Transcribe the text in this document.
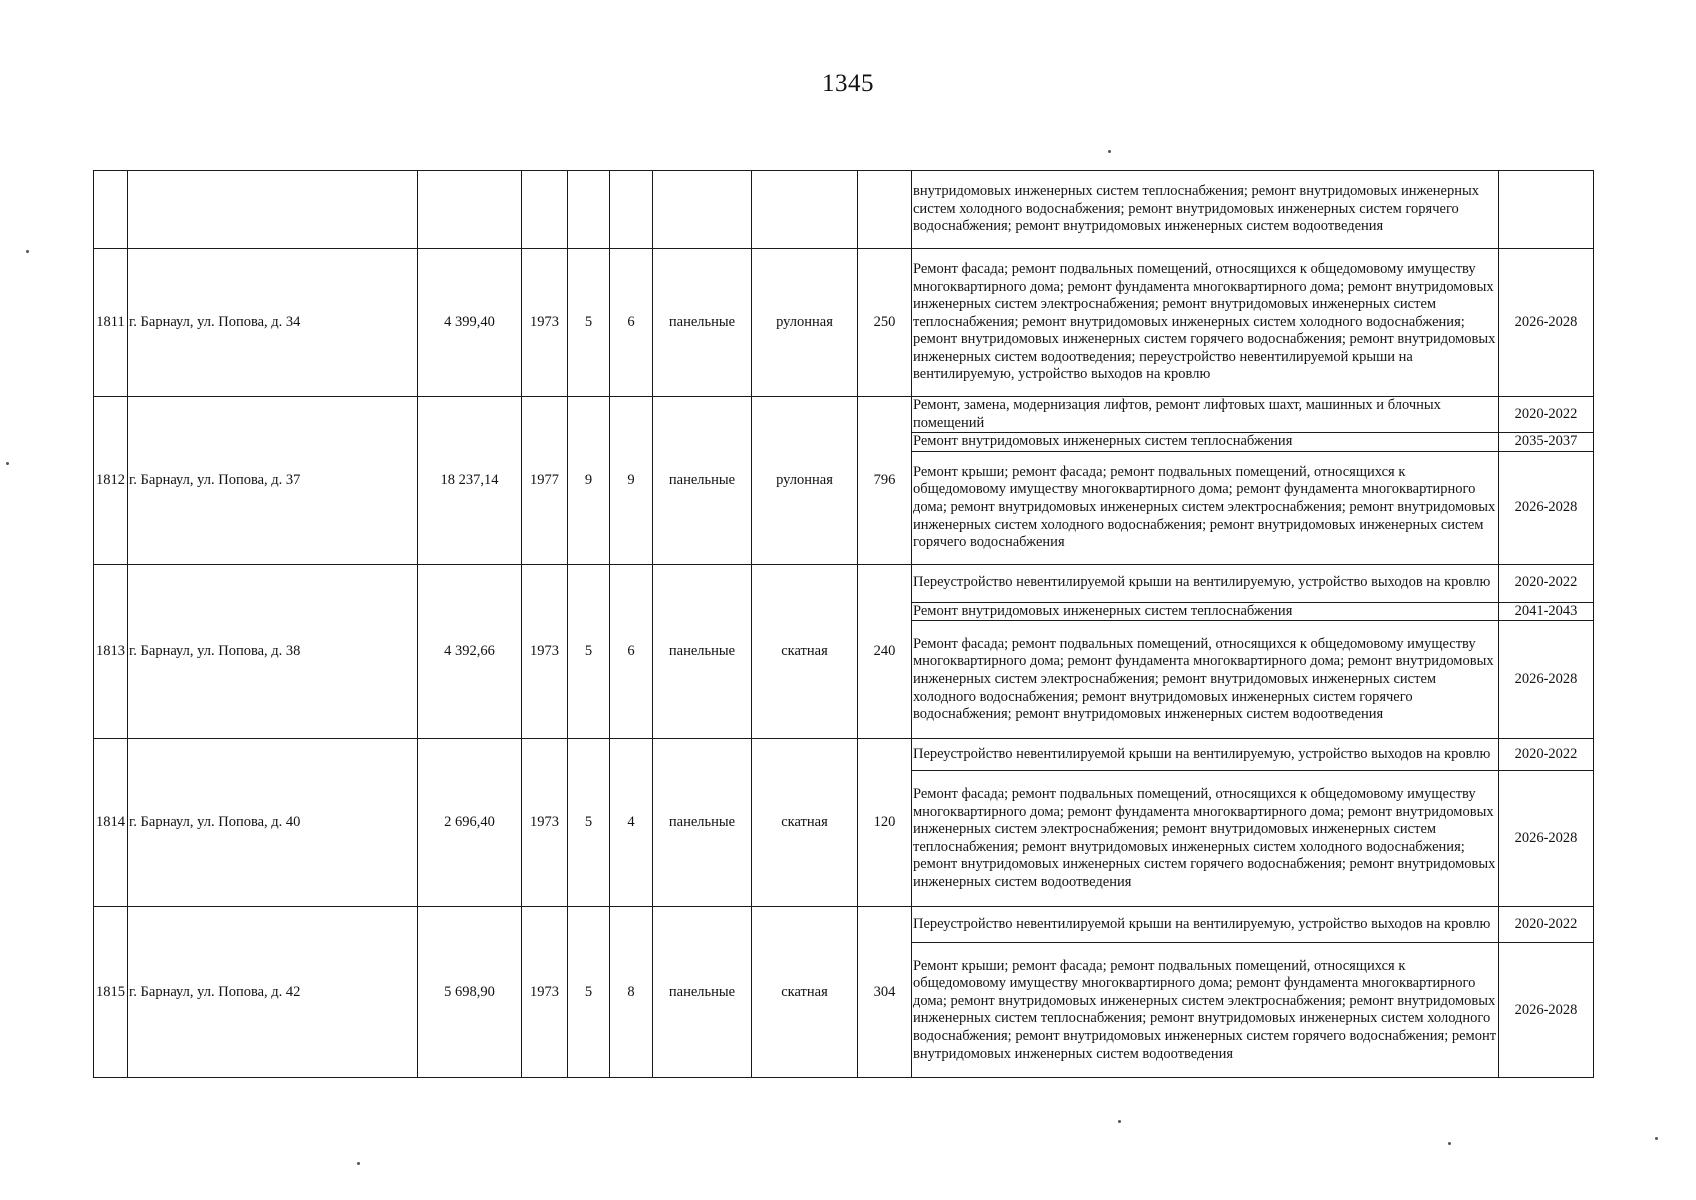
1345
									внутридомовых инженерных систем теплоснабжения; ремонт внутридомовых инженерных систем холодного водоснабжения; ремонт внутридомовых инженерных систем горячего водоснабжения; ремонт внутридомовых инженерных систем водоотведения	
1811	г. Барнаул, ул. Попова, д. 34	4 399,40	1973	5	6	панельные	рулонная	250	Ремонт фасада; ремонт подвальных помещений, относящихся к общедомовому имуществу многоквартирного дома; ремонт фундамента многоквартирного дома; ремонт внутридомовых инженерных систем электроснабжения; ремонт внутридомовых инженерных систем теплоснабжения; ремонт внутридомовых инженерных систем холодного водоснабжения; ремонт внутридомовых инженерных систем горячего водоснабжения; ремонт внутридомовых инженерных систем водоотведения; переустройство невентилируемой крыши на вентилируемую, устройство выходов на кровлю	2026-2028
1812	г. Барнаул, ул. Попова, д. 37	18 237,14	1977	9	9	панельные	рулонная	796	Ремонт, замена, модернизация лифтов, ремонт лифтовых шахт, машинных и блочных помещений	2020-2022
									Ремонт внутридомовых инженерных систем теплоснабжения	2035-2037
									Ремонт крыши; ремонт фасада; ремонт подвальных помещений, относящихся к общедомовому имуществу многоквартирного дома; ремонт фундамента многоквартирного дома; ремонт внутридомовых инженерных систем электроснабжения; ремонт внутридомовых инженерных систем холодного водоснабжения; ремонт внутридомовых инженерных систем горячего водоснабжения	2026-2028
1813	г. Барнаул, ул. Попова, д. 38	4 392,66	1973	5	6	панельные	скатная	240	Переустройство невентилируемой крыши на вентилируемую, устройство выходов на кровлю	2020-2022
									Ремонт внутридомовых инженерных систем теплоснабжения	2041-2043
									Ремонт фасада; ремонт подвальных помещений, относящихся к общедомовому имуществу многоквартирного дома; ремонт фундамента многоквартирного дома; ремонт внутридомовых инженерных систем электроснабжения; ремонт внутридомовых инженерных систем холодного водоснабжения; ремонт внутридомовых инженерных систем горячего водоснабжения; ремонт внутридомовых инженерных систем водоотведения	2026-2028
1814	г. Барнаул, ул. Попова, д. 40	2 696,40	1973	5	4	панельные	скатная	120	Переустройство невентилируемой крыши на вентилируемую, устройство выходов на кровлю	2020-2022
									Ремонт фасада; ремонт подвальных помещений, относящихся к общедомовому имуществу многоквартирного дома; ремонт фундамента многоквартирного дома; ремонт внутридомовых инженерных систем электроснабжения; ремонт внутридомовых инженерных систем теплоснабжения; ремонт внутридомовых инженерных систем холодного водоснабжения; ремонт внутридомовых инженерных систем горячего водоснабжения; ремонт внутридомовых инженерных систем водоотведения	2026-2028
1815	г. Барнаул, ул. Попова, д. 42	5 698,90	1973	5	8	панельные	скатная	304	Переустройство невентилируемой крыши на вентилируемую, устройство выходов на кровлю	2020-2022
									Ремонт крыши; ремонт фасада; ремонт подвальных помещений, относящихся к общедомовому имуществу многоквартирного дома; ремонт фундамента многоквартирного дома; ремонт внутридомовых инженерных систем электроснабжения; ремонт внутридомовых инженерных систем теплоснабжения; ремонт внутридомовых инженерных систем холодного водоснабжения; ремонт внутридомовых инженерных систем горячего водоснабжения; ремонт внутридомовых инженерных систем водоотведения	2026-2028
